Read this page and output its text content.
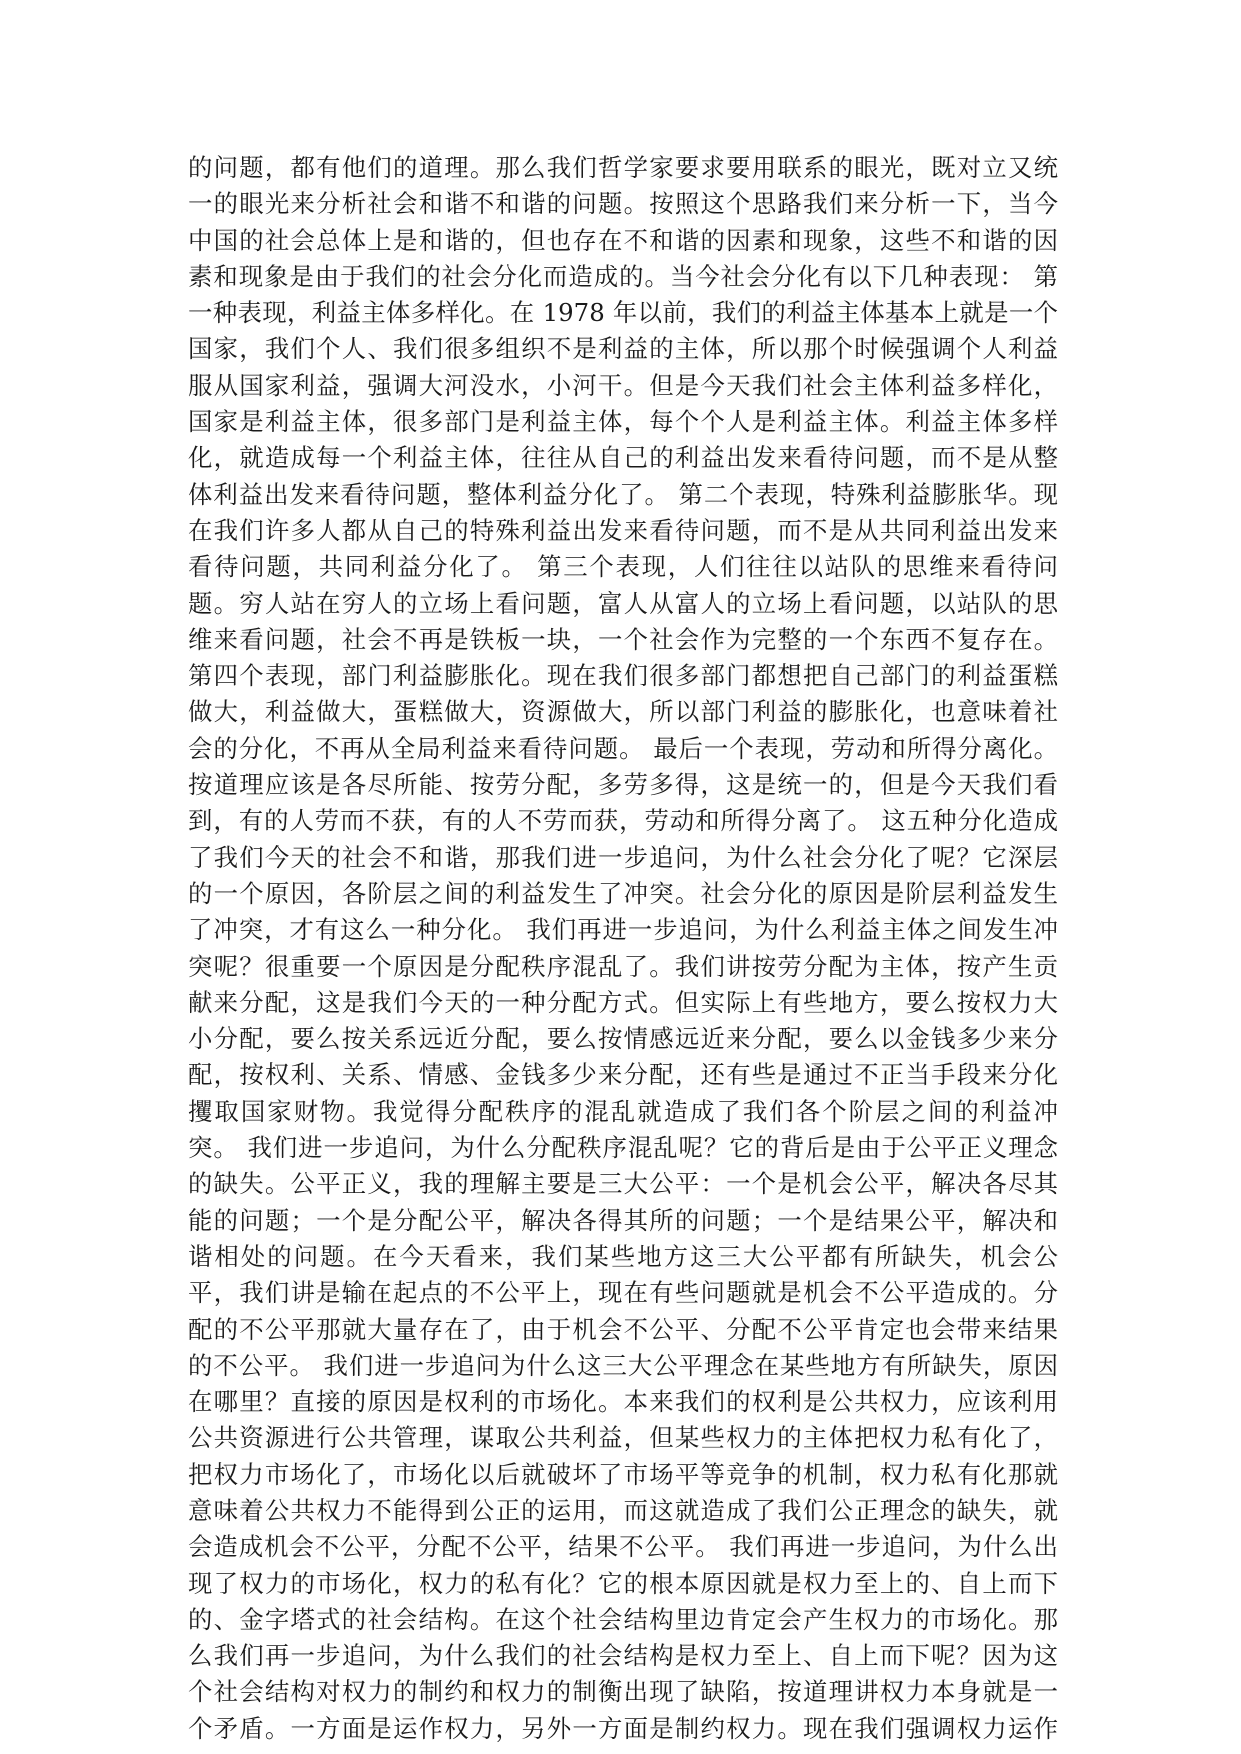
的问题，都有他们的道理。那么我们哲学家要求要用联系的眼光，既对立又统
一的眼光来分析社会和谐不和谐的问题。按照这个思路我们来分析一下，当今
中国的社会总体上是和谐的，但也存在不和谐的因素和现象，这些不和谐的因
素和现象是由于我们的社会分化而造成的。当今社会分化有以下几种表现： 第
一种表现，利益主体多样化。在 1978 年以前，我们的利益主体基本上就是一个
国家，我们个人、我们很多组织不是利益的主体，所以那个时候强调个人利益
服从国家利益，强调大河没水，小河干。但是今天我们社会主体利益多样化，
国家是利益主体，很多部门是利益主体，每个个人是利益主体。利益主体多样
化，就造成每一个利益主体，往往从自己的利益出发来看待问题，而不是从整
体利益出发来看待问题，整体利益分化了。 第二个表现，特殊利益膨胀华。现
在我们许多人都从自己的特殊利益出发来看待问题，而不是从共同利益出发来
看待问题，共同利益分化了。 第三个表现，人们往往以站队的思维来看待问
题。穷人站在穷人的立场上看问题，富人从富人的立场上看问题，以站队的思
维来看问题，社会不再是铁板一块，一个社会作为完整的一个东西不复存在。
第四个表现，部门利益膨胀化。现在我们很多部门都想把自己部门的利益蛋糕
做大，利益做大，蛋糕做大，资源做大，所以部门利益的膨胀化，也意味着社
会的分化，不再从全局利益来看待问题。 最后一个表现，劳动和所得分离化。
按道理应该是各尽所能、按劳分配，多劳多得，这是统一的，但是今天我们看
到，有的人劳而不获，有的人不劳而获，劳动和所得分离了。 这五种分化造成
了我们今天的社会不和谐，那我们进一步追问，为什么社会分化了呢？它深层
的一个原因，各阶层之间的利益发生了冲突。社会分化的原因是阶层利益发生
了冲突，才有这么一种分化。 我们再进一步追问，为什么利益主体之间发生冲
突呢？很重要一个原因是分配秩序混乱了。我们讲按劳分配为主体，按产生贡
献来分配，这是我们今天的一种分配方式。但实际上有些地方，要么按权力大
小分配，要么按关系远近分配，要么按情感远近来分配，要么以金钱多少来分
配，按权利、关系、情感、金钱多少来分配，还有些是通过不正当手段来分化
攫取国家财物。我觉得分配秩序的混乱就造成了我们各个阶层之间的利益冲
突。 我们进一步追问，为什么分配秩序混乱呢？它的背后是由于公平正义理念
的缺失。公平正义，我的理解主要是三大公平：一个是机会公平，解决各尽其
能的问题；一个是分配公平，解决各得其所的问题；一个是结果公平，解决和
谐相处的问题。在今天看来，我们某些地方这三大公平都有所缺失，机会公
平，我们讲是输在起点的不公平上，现在有些问题就是机会不公平造成的。分
配的不公平那就大量存在了，由于机会不公平、分配不公平肯定也会带来结果
的不公平。 我们进一步追问为什么这三大公平理念在某些地方有所缺失，原因
在哪里？直接的原因是权利的市场化。本来我们的权利是公共权力，应该利用
公共资源进行公共管理，谋取公共利益，但某些权力的主体把权力私有化了，
把权力市场化了，市场化以后就破坏了市场平等竞争的机制，权力私有化那就
意味着公共权力不能得到公正的运用，而这就造成了我们公正理念的缺失，就
会造成机会不公平，分配不公平，结果不公平。 我们再进一步追问，为什么出
现了权力的市场化，权力的私有化？它的根本原因就是权力至上的、自上而下
的、金字塔式的社会结构。在这个社会结构里边肯定会产生权力的市场化。那
么我们再一步追问，为什么我们的社会结构是权力至上、自上而下呢？因为这
个社会结构对权力的制约和权力的制衡出现了缺陷，按道理讲权力本身就是一
个矛盾。一方面是运作权力，另外一方面是制约权力。现在我们强调权力运作
